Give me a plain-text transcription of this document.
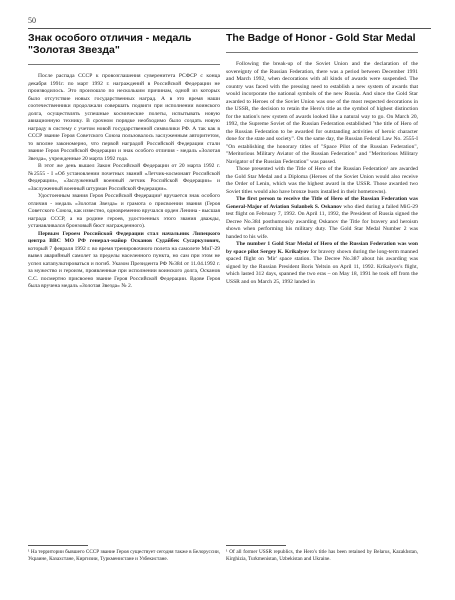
50
Знак особого отличия - медаль "Золотая Звезда"

После распада СССР к провозглашения суверенитета РСФСР с конца декабря 1991г. по март 1992 г. награждений в Российской Федерации не производилось. Это произошло по нескольким причинам, одной из которых было отсутствие новых государственных наград. А в это время наши соотечественники продолжали совершать подвиги при исполнении воинского долга, осуществлять успешные космические полеты, испытывать новую авиационную технику. В срочном порядке необходимо было создать новую награду в систему с учетом новой государственной символики РФ. А так как в СССР звание Героя Советского Союза пользовалось заслуженным авторитетом, то вполне закономерно, что первой наградой Российской Федерации стали звание Героя Российской Федерации и знак особого отличия - медаль «Золотая Звезда», учрежденные 20 марта 1992 года.

В этот же день вышел Закон Российской Федерации от 20 марта 1992 г. №2555 - I «Об установлении почетных званий «Летчик-космонавт Российской Федерации», «Заслуженный военный летчик Российской Федерации» и «Заслуженный военный штурман Российской Федерации».

Удостоенным звания Героя Российской Федерации¹ вручается знак особого отличия - медаль «Золотая Звезда» и грамота о присвоении звания (Героя Советского Союза, как известно, одновременно вручался орден Ленина - высшая награда СССР, а на родине героев, удостоенных этого звания дважды, устанавливался бронзовый бюст награжденного).

Первым Героем Российской Федерации стал начальник Липецкого центра ВВС МО РФ генерал-майор Осканов Судайбек Сусаркулович, который 7 февраля 1992 г. во время тренировочного полета на самолете МиГ-29 вывел аварийный самолет за пределы населенного пункта, но сам при этом не успел катапультироваться и погиб. Указом Президента РФ №384 от 11.04.1992 г. за мужество и героизм, проявленные при исполнении воинского долга, Осканов С.С. посмертно присвоено звание Героя Российской Федерации. Вдове Героя была вручена медаль «Золотая Звезда» № 2.

The Badge of Honor - Gold Star Medal

Following the break-up of the Soviet Union and the declaration of the sovereignty of the Russian Federation, there was a period between December 1991 and March 1992, when decorations with all kinds of awards were suspended. The country was faced with the pressing need to establish a new system of awards that would incorporate the national symbols of the new Russia. And since the Gold Star awarded to Heroes of the Soviet Union was one of the most respected decorations in the USSR, the decision to retain the Hero's title as the symbol of highest distinction for the nation's new system of awards looked like a natural way to go. On March 20, 1992, the Supreme Soviet of the Russian Federation established "the title of Hero of the Russian Federation to be awarded for outstanding activities of heroic character done for the state and society". On the same day, the Russian Federal Law No. 2555-I "On establishing the honorary titles of "Space Pilot of the Russian Federation", "Meritorious Military Aviator of the Russian Federation" and "Meritorious Military Navigator of the Russian Federation" was passed.

Those presented with the Title of Hero of the Russian Federation¹ are awarded the Gold Star Medal and a Diploma (Heroes of the Soviet Union would also receive the Order of Lenin, which was the highest award in the USSR. Those awarded two Soviet titles would also have bronze busts installed in their hometowns).

The first person to receive the Title of Hero of the Russian Federation was General-Major of Aviation Sulanbek S. Oskanov who died during a failed MiG-29 test flight on February 7, 1992. On April 11, 1992, the President of Russia signed the Decree No.384 posthumously awarding Oskanov the Title for bravery and heroism shown when performing his military duty. The Gold Star Medal Number 2 was handed to his wife.

The number 1 Gold Star Medal of Hero of the Russian Federation was won by space pilot Sergey K. Krikalyov for bravery shown during the long-term manned spaced flight on 'Mir' space station. The Decree No.387 about his awarding was signed by the Russian President Boris Yeltsin on April 11, 1992. Krikalyov's flight, which lasted 312 days, spanned the two eras – on May 18, 1991 he took off from the USSR and on March 25, 1992 landed in

¹ На территории бывшего СССР звание Героя существует сегодня также в Белоруссии, Украине, Казахстане, Киргизии, Туркменистане и Узбекистане.
¹ Of all former USSR republics, the Hero's title has been retained by Belarus, Kazakhstan, Kirghizia, Turkmenistan, Uzbekistan and Ukraine.
